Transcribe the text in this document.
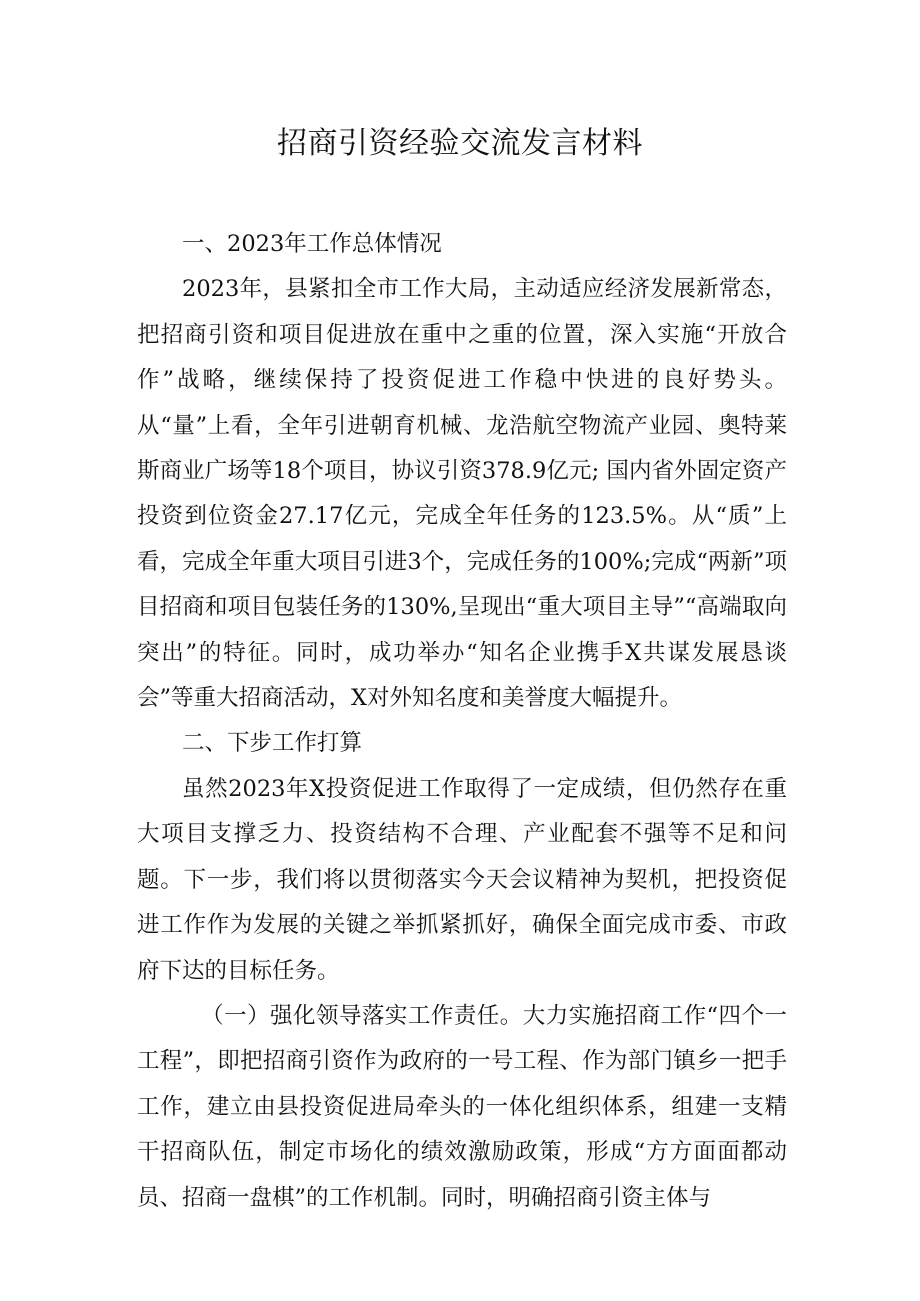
招商引资经验交流发言材料

一、2023年工作总体情况

2023年，县紧扣全市工作大局，主动适应经济发展新常态，把招商引资和项目促进放在重中之重的位置，深入实施“开放合作”战略，继续保持了投资促进工作稳中快进的良好势头。从“量”上看，全年引进朝育机械、龙浩航空物流产业园、奥特莱斯商业广场等18个项目，协议引资378.9亿元; 国内省外固定资产投资到位资金27.17亿元，完成全年任务的123.5%。从“质”上看，完成全年重大项目引进3个，完成任务的100%;完成“两新”项目招商和项目包装任务的130%,呈现出“重大项目主导”“高端取向突出”的特征。同时，成功举办“知名企业携手X共谋发展恳谈会”等重大招商活动，X对外知名度和美誉度大幅提升。

二、下步工作打算

虽然2023年X投资促进工作取得了一定成绩，但仍然存在重大项目支撑乏力、投资结构不合理、产业配套不强等不足和问题。下一步，我们将以贯彻落实今天会议精神为契机，把投资促进工作作为发展的关键之举抓紧抓好，确保全面完成市委、市政府下达的目标任务。

（一）强化领导落实工作责任。大力实施招商工作“四个一工程”，即把招商引资作为政府的一号工程、作为部门镇乡一把手工作，建立由县投资促进局牵头的一体化组织体系，组建一支精干招商队伍，制定市场化的绩效激励政策，形成“方方面面都动员、招商一盘棋”的工作机制。同时，明确招商引资主体与
